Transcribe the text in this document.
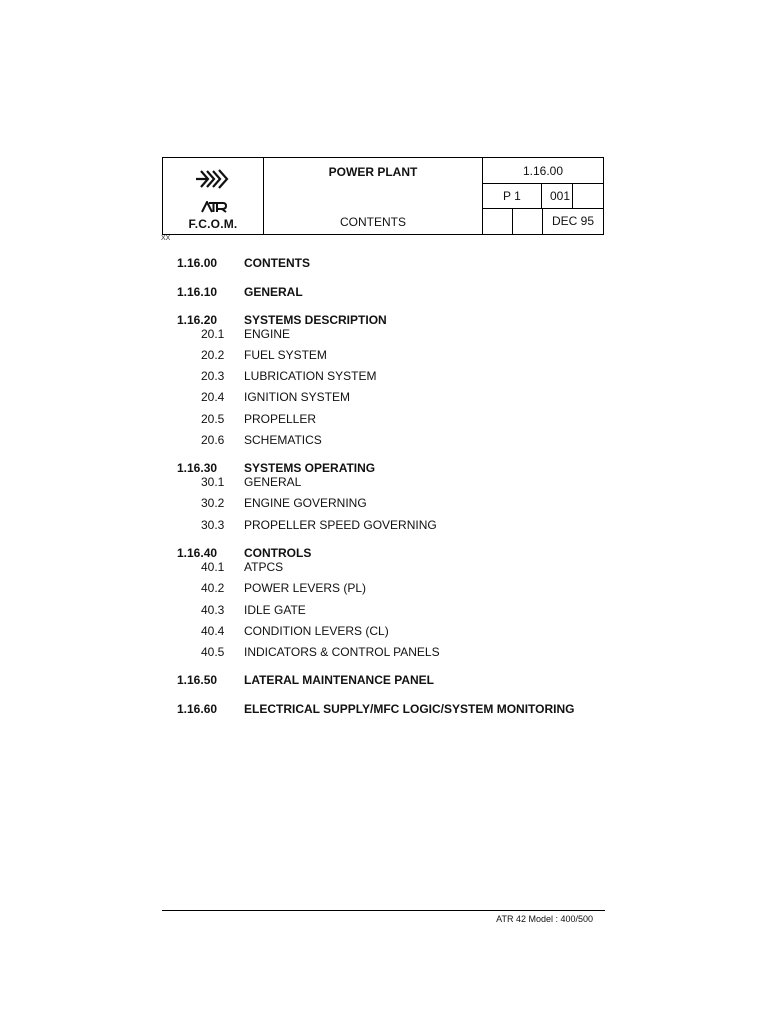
F.C.O.M.
POWER PLANT
CONTENTS
1.16.00
P 1	001
DEC 95
XX
1.16.00 CONTENTS
1.16.10 GENERAL
1.16.20 SYSTEMS DESCRIPTION
20.1 ENGINE
20.2 FUEL SYSTEM
20.3 LUBRICATION SYSTEM
20.4 IGNITION SYSTEM
20.5 PROPELLER
20.6 SCHEMATICS
1.16.30 SYSTEMS OPERATING
30.1 GENERAL
30.2 ENGINE GOVERNING
30.3 PROPELLER SPEED GOVERNING
1.16.40 CONTROLS
40.1 ATPCS
40.2 POWER LEVERS (PL)
40.3 IDLE GATE
40.4 CONDITION LEVERS (CL)
40.5 INDICATORS & CONTROL PANELS
1.16.50 LATERAL MAINTENANCE PANEL
1.16.60 ELECTRICAL SUPPLY/MFC LOGIC/SYSTEM MONITORING
ATR 42 Model : 400/500
